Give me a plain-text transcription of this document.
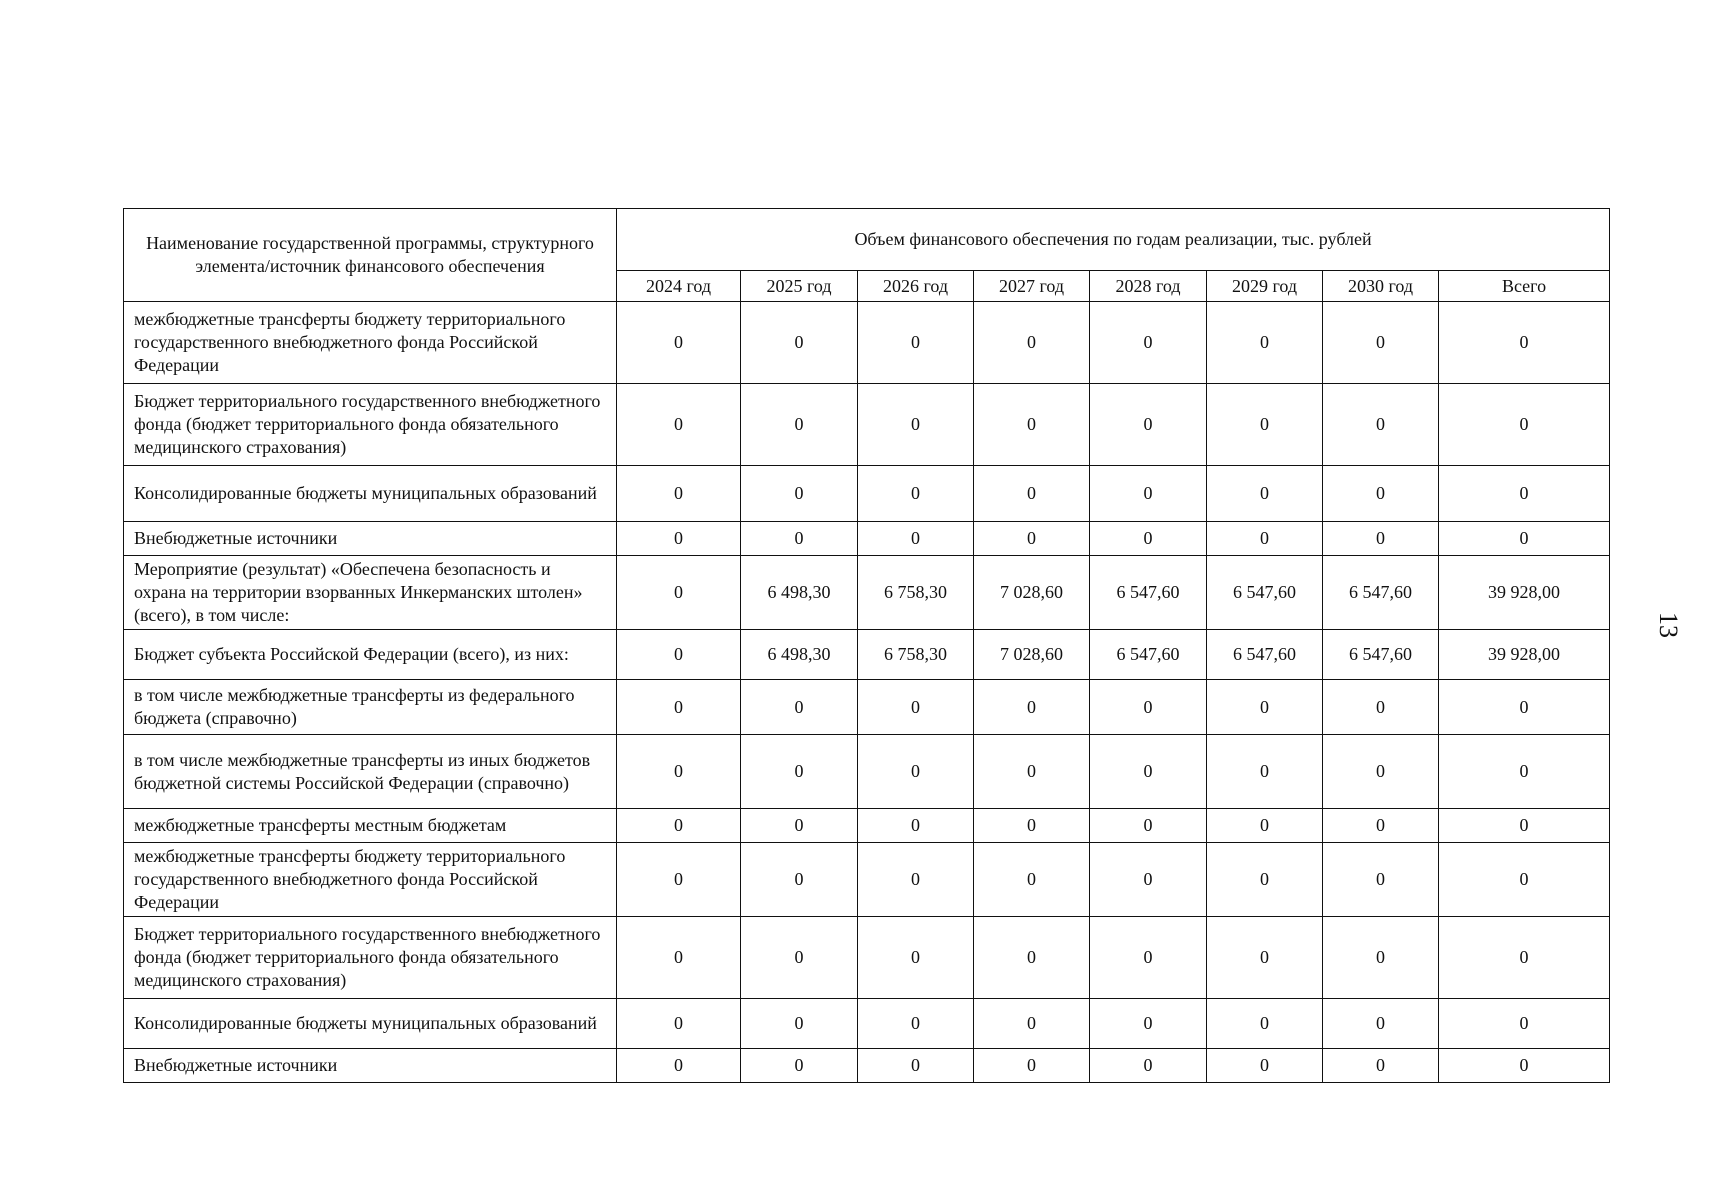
13
Наименование государственной программы, структурного элемента/источник финансового обеспечения	Объем финансового обеспечения по годам реализации, тыс. рублей							
	2024 год	2025 год	2026 год	2027 год	2028 год	2029 год	2030 год	Всего
межбюджетные трансферты бюджету территориального государственного внебюджетного фонда Российской Федерации	0	0	0	0	0	0	0	0
Бюджет территориального государственного внебюджетного фонда (бюджет территориального фонда обязательного медицинского страхования)	0	0	0	0	0	0	0	0
Консолидированные бюджеты муниципальных образований	0	0	0	0	0	0	0	0
Внебюджетные источники	0	0	0	0	0	0	0	0
Мероприятие (результат) «Обеспечена безопасность и охрана на территории взорванных Инкерманских штолен» (всего), в том числе:	0	6 498,30	6 758,30	7 028,60	6 547,60	6 547,60	6 547,60	39 928,00
Бюджет субъекта Российской Федерации (всего), из них:	0	6 498,30	6 758,30	7 028,60	6 547,60	6 547,60	6 547,60	39 928,00
в том числе межбюджетные трансферты из федерального бюджета (справочно)	0	0	0	0	0	0	0	0
в том числе межбюджетные трансферты из иных бюджетов бюджетной системы Российской Федерации (справочно)	0	0	0	0	0	0	0	0
межбюджетные трансферты местным бюджетам	0	0	0	0	0	0	0	0
межбюджетные трансферты бюджету территориального государственного внебюджетного фонда Российской Федерации	0	0	0	0	0	0	0	0
Бюджет территориального государственного внебюджетного фонда (бюджет территориального фонда обязательного медицинского страхования)	0	0	0	0	0	0	0	0
Консолидированные бюджеты муниципальных образований	0	0	0	0	0	0	0	0
Внебюджетные источники	0	0	0	0	0	0	0	0
